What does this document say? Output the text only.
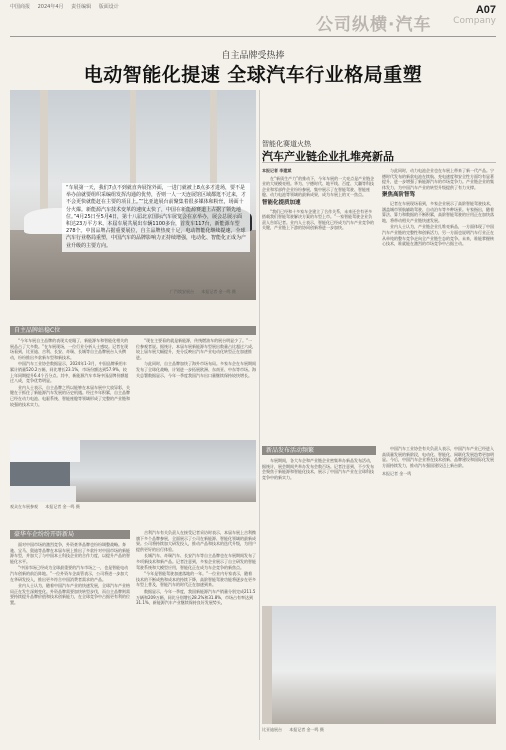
中国商报 2024年4月 责任编辑 版面设计
公司纵横·汽车
A07
Company
自主品牌受热捧
电动智能化提速 全球汽车行业格局重塑
“车展第一天，我们7点不到就直奔展馆外面，一进门就被上8点多才进场，要不是举办前就要组织采编组发挥沟通的优势，否则一人一天连展馆区域都逛不过来，才不会更快就能赶在主要的项目上。”“比亚迪展台前聚集着很多媒体和粉丝，场面十分火爆。新能源汽车技术变革的速度太快了，中国在新能源赛道上占据了领先地位。”4月25日至5月4日，第十八届北京国际汽车展览会在京举办，展会总展示面积达23万平方米。本届车展共展出车辆1100多台，首发车117台，新能源车型278个。中国品牌占据重要展位，自主品牌热度十足，电动智能化继续提速，全球汽车行业格局重塑，中国汽车的品牌影响力正持续增强，电动化、智能化正成为产业升级的主要方向。
广汽埃安展台 本报记者 金一鸣 摄
自主品牌站稳C位

“今年车展自主品牌的表现太亮眼了，新能源车和智能化相关的展品占了大多数。”在车展现场，一位行业分析人士感叹。记者在现场看到，比亚迪、吉利、长安、奇瑞、长城等自主品牌展台人头攒动，纷纷推出多款新车型和新技术。

中国汽车工业协会数据显示，2024年1-3月，中国品牌乘用车累计销量520.2万辆，同比增长23.1%，市场份额达到57.9%，较上年同期提升6.4个百分点。其中，新能源汽车市场中国品牌份额超过八成，竞争优势明显。

业内人士表示，自主品牌之所以能够在本届车展中大放异彩，关键在于抓住了新能源汽车发展的历史机遇。经过多年积累，自主品牌已经在动力电池、电驱系统、智能座舱等领域形成了完整的产业链和较强的技术实力。

“现在主要看的就是新能源，传统燃油车的展台明显少了。”一位参观者说。据统计，本届车展新能源车型展出数量占比超过六成，较上届车展大幅提升，充分反映出汽车产业电动化转型正在加速推进。

与此同时，自主品牌加快了海外市场布局。多家车企在车展期间发布了全球化战略，计划进一步拓展欧洲、东南亚、中东等市场。海关总署数据显示，今年一季度我国汽车出口量继续保持较快增长。

观众在车展参观 本报记者 金一鸣 摄
豪华车企纷纷开辟新局

面对中国市场的激烈竞争，外资豪华品牌也纷纷调整战略。奔驰、宝马、奥迪等品牌在本届车展上推出了多款针对中国市场的新能源车型，并加大了与中国本土科技企业的合作力度，以提升产品的智能化水平。

“中国市场已经成为全球最重要的汽车市场之一，也是智能电动汽车创新的前沿阵地。”一位外资车企高管表示，公司将进一步加大在华研发投入，推出更多符合中国消费者需求的产品。

业内人士认为，随着中国汽车产业的快速发展，全球汽车产业格局正在发生深刻变化。外资品牌需要加快转型步伐，而自主品牌则需要持续提升品牌价值和技术创新能力，在全球竞争中占据更有利的位置。

吉利汽车有关负责人在接受记者采访时表示，本届车展上吉利携旗下多个品牌参展，全面展示了公司在新能源、智能化领域的最新成果。公司将持续加大研发投入，推动产品和技术的迭代升级，为用户提供更好的出行体验。

长城汽车、奇瑞汽车、长安汽车等自主品牌也在车展期间发布了多项新技术和新产品。记者注意到，多家企业展示了自主研发的智能驾驶系统和大模型应用，智能化正在成为车企竞争的新焦点。

“今年是智能驾驶加速落地的一年。”一位业内专家表示，随着技术的不断成熟和成本的持续下降，高阶智能驾驶功能将逐步在更多车型上普及，智能汽车的时代正在加速到来。

数据显示，今年一季度，我国新能源汽车产销量分别完成211.5万辆和209万辆，同比分别增长28.2%和31.8%，市场占有率达到31.1%，新能源汽车产业继续保持良好发展势头。

智能化赛道火热
汽车产业链企业扎堆亮新品

本报记者 李建斌

在“新质生产力”的推动下，今年车展的一大亮点是产业链企业的大规模亮相。华为、宁德时代、地平线、百度、大疆等科技企业和零部件企业纷纷参展，集中展示了在智能驾驶、智能座舱、动力电池等领域的最新成果，成为车展上的又一焦点。

智能化提质加速

“我们已经和十多家车企建立了合作关系，未来还会有更多搭载我们智能驾驶解决方案的车型上市。”一家智能驾驶企业负责人告诉记者。业内人士表示，智能化已经成为汽车产业竞争的关键，产业链上下游的协同创新将进一步加快。

与此同时，动力电池企业也在车展上带来了新一代产品。宁德时代发布的新款电池在续航、充电速度和安全性方面均有显著提升，进一步增强了新能源汽车的市场竞争力。产业链企业的集体发力，为中国汽车产业的转型升级提供了有力支撑。

聚焦高阶智驾

记者在车展现场看到，多家企业展示了高阶智能驾驶技术，涵盖城市领航辅助驾驶、自动泊车等多种场景。专家指出，随着算法、算力和数据的不断积累，高阶智能驾驶的应用正在加快落地，将带动相关产业链快速发展。

业内人士认为，产业链企业扎堆亮新品，一方面体现了中国汽车产业链的完整性和创新活力，另一方面也说明汽车行业正在从单纯的整车竞争走向全产业链生态的竞争。未来，谁能掌握核心技术，谁就能在激烈的市场竞争中占据主动。

新品发布活动频繁

车展期间，各大车企和产业链企业密集举办新品发布活动，据统计，展会期间共举办发布会数百场。记者注意到，不少发布会聚焦于新能源和智能化技术，展示了中国汽车产业在全球科技竞争中的新实力。

中国汽车工业协会有关负责人表示，中国汽车产业已经进入高质量发展的新阶段，电动化、智能化、网联化发展趋势更加明显。今后，中国汽车企业将在技术创新、品牌建设和国际化发展方面持续发力，推动汽车强国建设迈上新台阶。

本报记者 金一鸣

比亚迪展台 本报记者 金一鸣 摄
